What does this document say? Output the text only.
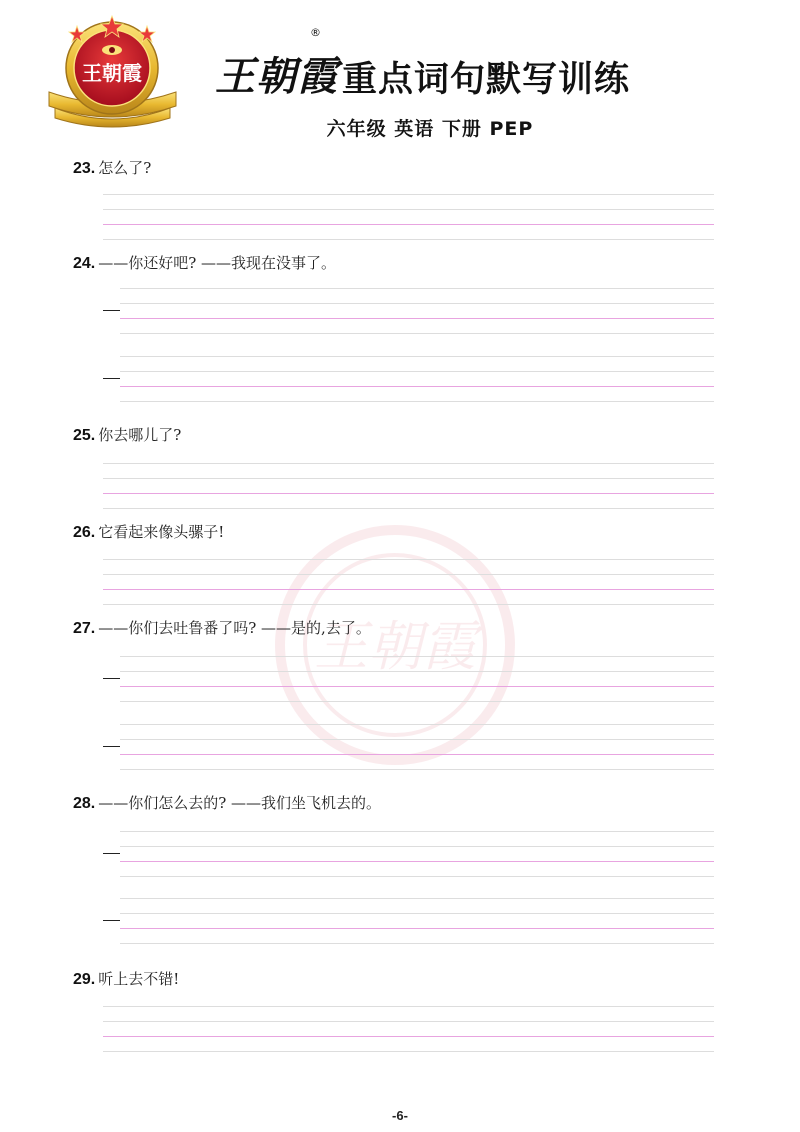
王朝霞 王朝霞 重点词句默写训练
®
六年级 英语 下册 PEP
王朝霞
23. 怎么了?
24. ——你还好吧? ——我现在没事了。
25. 你去哪儿了?
26. 它看起来像头骡子!
27. ——你们去吐鲁番了吗? ——是的,去了。
28. ——你们怎么去的? ——我们坐飞机去的。
29. 听上去不错!
-6-
